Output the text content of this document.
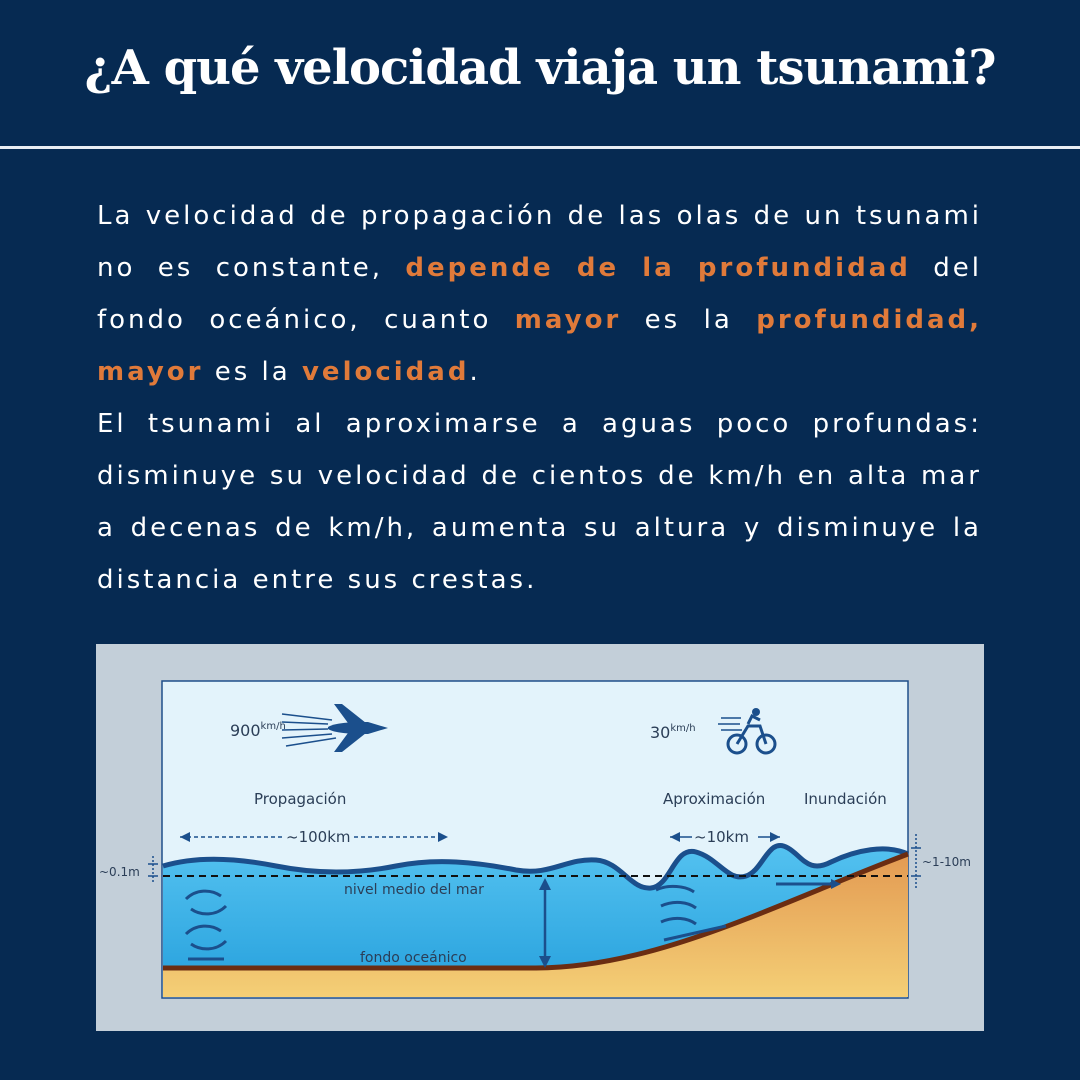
¿A qué velocidad viaja un tsunami?

La velocidad de propagación de las olas de un tsunami no es constante, depende de la profundidad del fondo oceánico, cuanto mayor es la profundidad, mayor es la velocidad.

El tsunami al aproximarse a aguas poco profundas: disminuye su velocidad de cientos de km/h en alta mar a decenas de km/h, aumenta su altura y disminuye la distancia entre sus crestas.

$900^{km/h}$	$30^{km/h}$
Propagación	Aproximación	Inundación
~100km	~10km
~0.1m
~1-10m
nivel medio del mar
fondo oceánico
